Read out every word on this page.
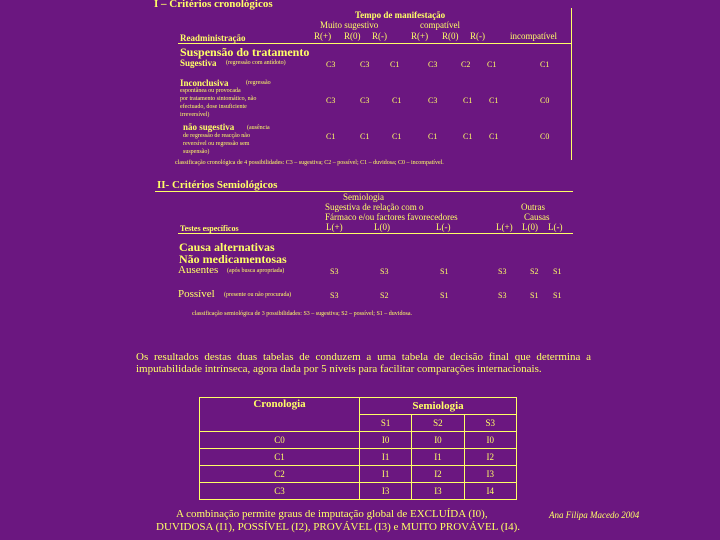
I – Critérios cronológicos
Tempo de manifestação
Muito sugestivo	compatível
Readministração	R(+) R(0) R(-)	R(+) R(0) R(-)	incompatível
Suspensão do tratamento
Sugestiva (regressão com antídoto)	C3	C3	C1	C3	C2 C1	C1
Inconclusiva	(regressão
espontânea ou provocada
por tratamento sintomático, não
efectuado, dose insuficiente
irreversível)
C3	C3	C1	C3	C1 C1	C0
não sugestiva (ausência
de regressão de reacção não
reversível ou regressão sem
suspensão)
C1	C1	C1	C1	C1 C1	C0
classificação cronológica de 4 possibilidades: C3 – sugestiva; C2 – possível; C1 – duvidosa; C0 – incompatível.
II- Critérios Semiológicos
Semiologia
Sugestiva de relação com o
Fármaco e/ou factores favorecedores
Outras
Causas
Testes específicos	L(+)	L(0)	L(-)	L(+) L(0) L(-)
Causa alternativas
Não medicamentosas
Ausentes (após busca apropriada)	S3	S3	S1	S3	S2 S1
Possível (presente ou não procurada)	S3	S2	S1	S3	S1 S1
classificação semiológica de 3 possibilidades: S3 – sugestiva; S2 – possível; S1 – duvidosa.
Os resultados destas duas tabelas de conduzem a uma tabela de decisão final que determina a imputabilidade intrínseca, agora dada por 5 níveis para facilitar comparações internacionais.
Cronologia	Semiologia		
	S1	S2	S3
C0	I0	I0	I0
C1	I1	I1	I2
C2	I1	I2	I3
C3	I3	I3	I4
A combinação permite graus de imputação global de EXCLUÍDA (I0),
DUVIDOSA (I1), POSSÍVEL (I2), PROVÁVEL (I3) e MUITO PROVÁVEL (I4).
Ana Filipa Macedo 2004
